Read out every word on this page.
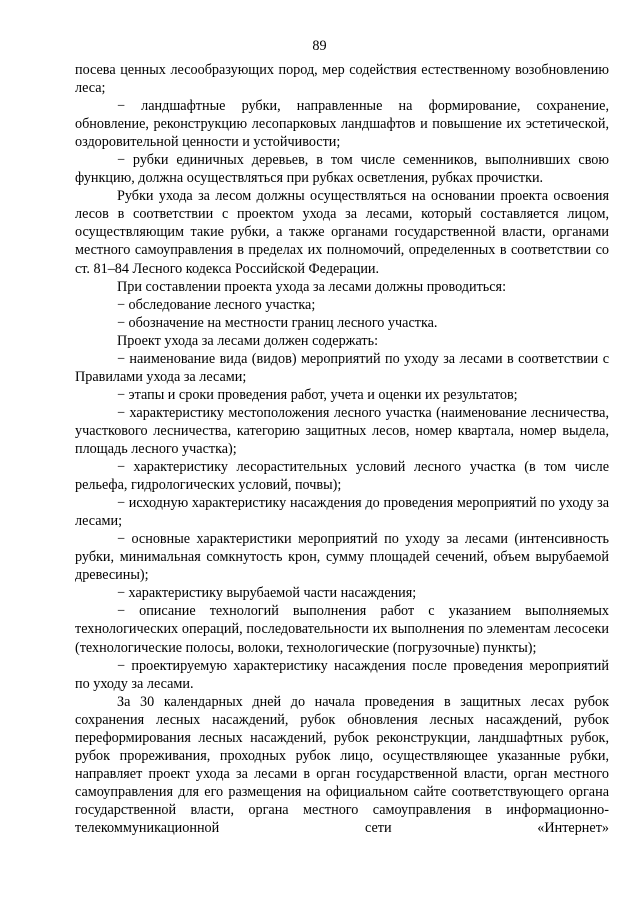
89

посева ценных лесообразующих пород, мер содействия естественному возобновлению леса;

− ландшафтные рубки, направленные на формирование, сохранение, обновление, реконструкцию лесопарковых ландшафтов и повышение их эстетической, оздоровительной ценности и устойчивости;

− рубки единичных деревьев, в том числе семенников, выполнивших свою функцию, должна осуществляться при рубках осветления, рубках прочистки.

Рубки ухода за лесом должны осуществляться на основании проекта освоения лесов в соответствии с проектом ухода за лесами, который составляется лицом, осуществляющим такие рубки, а также органами государственной власти, органами местного самоуправления в пределах их полномочий, определенных в соответствии со ст. 81–84 Лесного кодекса Российской Федерации.

При составлении проекта ухода за лесами должны проводиться:

− обследование лесного участка;

− обозначение на местности границ лесного участка.

Проект ухода за лесами должен содержать:

− наименование вида (видов) мероприятий по уходу за лесами в соответствии с Правилами ухода за лесами;

− этапы и сроки проведения работ, учета и оценки их результатов;

− характеристику местоположения лесного участка (наименование лесничества, участкового лесничества, категорию защитных лесов, номер квартала, номер выдела, площадь лесного участка);

− характеристику лесорастительных условий лесного участка (в том числе рельефа, гидрологических условий, почвы);

− исходную характеристику насаждения до проведения мероприятий по уходу за лесами;

− основные характеристики мероприятий по уходу за лесами (интенсивность рубки, минимальная сомкнутость крон, сумму площадей сечений, объем вырубаемой древесины);

− характеристику вырубаемой части насаждения;

− описание технологий выполнения работ с указанием выполняемых технологических операций, последовательности их выполнения по элементам лесосеки (технологические полосы, волоки, технологические (погрузочные) пункты);

− проектируемую характеристику насаждения после проведения мероприятий по уходу за лесами.

За 30 календарных дней до начала проведения в защитных лесах рубок сохранения лесных насаждений, рубок обновления лесных насаждений, рубок переформирования лесных насаждений, рубок реконструкции, ландшафтных рубок, рубок прореживания, проходных рубок лицо, осуществляющее указанные рубки, направляет проект ухода за лесами в орган государственной власти, орган местного самоуправления для его размещения на официальном сайте соответствующего органа государственной власти, органа местного самоуправления в информационно-телекоммуникационной сети «Интернет»
